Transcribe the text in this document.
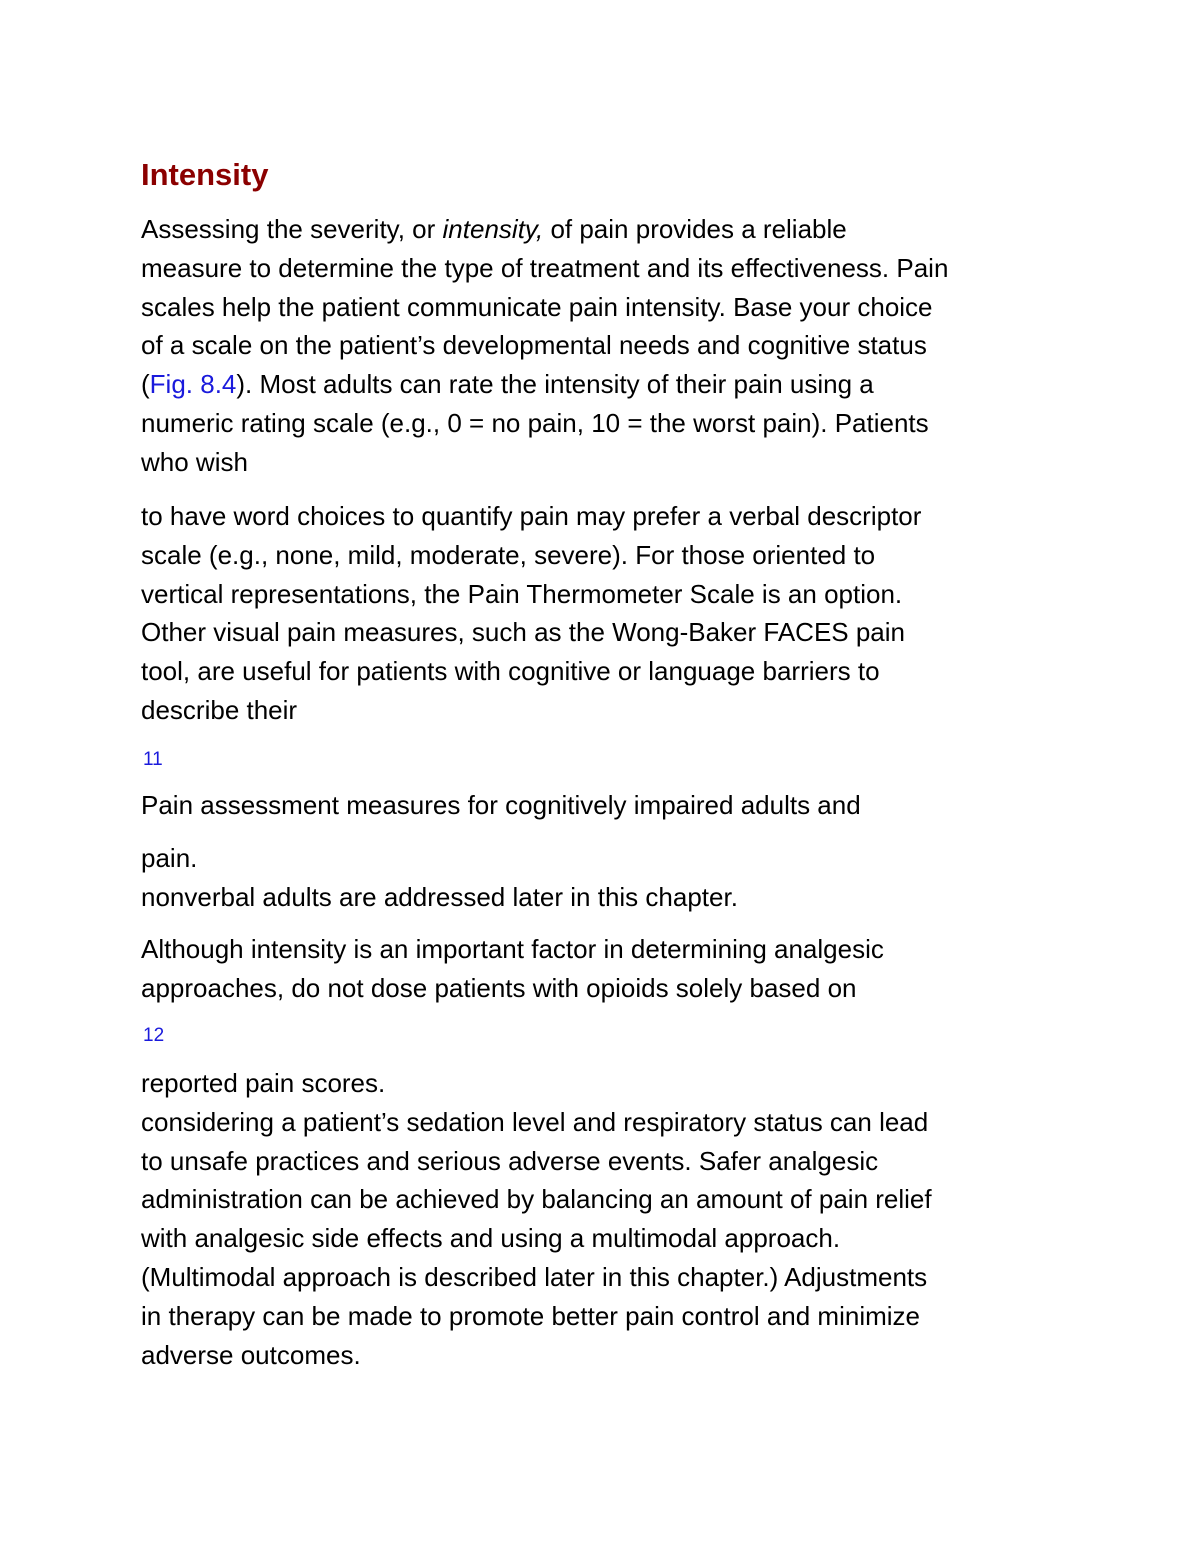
Intensity

Assessing the severity, or intensity, of pain provides a reliable
measure to determine the type of treatment and its effectiveness. Pain
scales help the patient communicate pain intensity. Base your choice
of a scale on the patient’s developmental needs and cognitive status
(Fig. 8.4). Most adults can rate the intensity of their pain using a
numeric rating scale (e.g., 0 = no pain, 10 = the worst pain). Patients
who wish

to have word choices to quantify pain may prefer a verbal descriptor
scale (e.g., none, mild, moderate, severe). For those oriented to
vertical representations, the Pain Thermometer Scale is an option.
Other visual pain measures, such as the Wong-Baker FACES pain
tool, are useful for patients with cognitive or language barriers to
describe their

11

Pain assessment measures for cognitively impaired adults and

pain.
nonverbal adults are addressed later in this chapter.

Although intensity is an important factor in determining analgesic
approaches, do not dose patients with opioids solely based on

12

reported pain scores.
considering a patient’s sedation level and respiratory status can lead
to unsafe practices and serious adverse events. Safer analgesic
administration can be achieved by balancing an amount of pain relief
with analgesic side effects and using a multimodal approach.
(Multimodal approach is described later in this chapter.) Adjustments
in therapy can be made to promote better pain control and minimize
adverse outcomes.
